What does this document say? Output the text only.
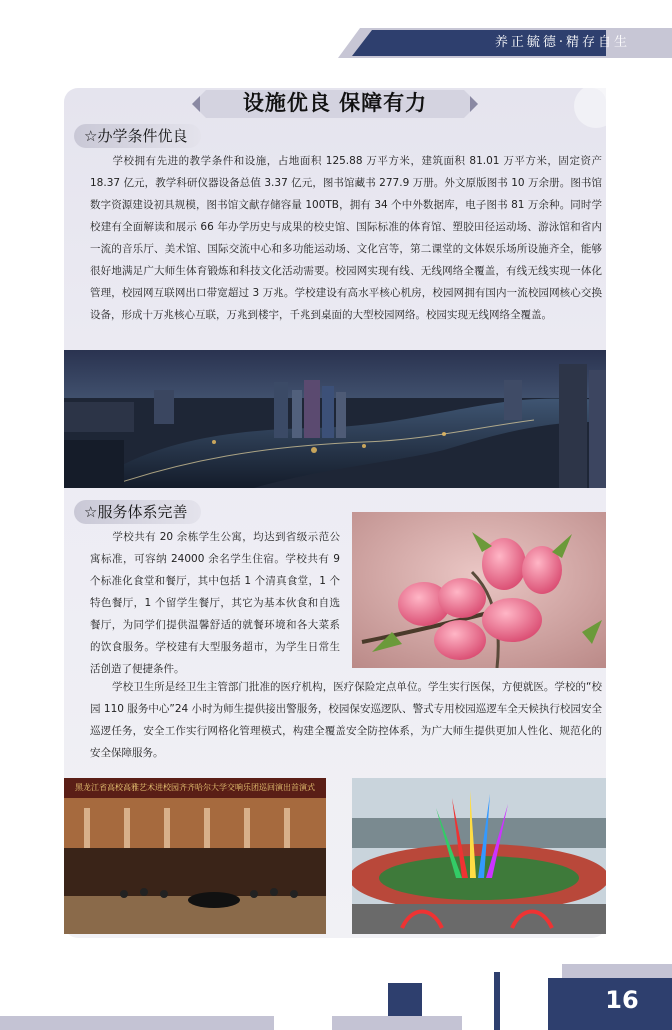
养正毓德·精存自生
设施优良 保障有力
☆办学条件优良

学校拥有先进的教学条件和设施，占地面积 125.88 万平方米，建筑面积 81.01 万平方米，固定资产 18.37 亿元，教学科研仪器设备总值 3.37 亿元，图书馆藏书 277.9 万册。外文原版图书 10 万余册。图书馆数字资源建设初具规模，图书馆文献存储容量 100TB，拥有 34 个中外数据库，电子图书 81 万余种。同时学校建有全面解读和展示 66 年办学历史与成果的校史馆、国际标准的体育馆、塑胶田径运动场、游泳馆和省内一流的音乐厅、美术馆、国际交流中心和多功能运动场、文化宫等，第二课堂的文体娱乐场所设施齐全，能够很好地满足广大师生体育锻炼和科技文化活动需要。校园网实现有线、无线网络全覆盖，有线无线实现一体化管理，校园网互联网出口带宽超过 3 万兆。学校建设有高水平核心机房，校园网拥有国内一流校园网核心交换设备，形成十万兆核心互联，万兆到楼宇，千兆到桌面的大型校园网络。校园实现无线网络全覆盖。

☆服务体系完善

学校共有 20 余栋学生公寓，均达到省级示范公寓标准，可容纳 24000 余名学生住宿。学校共有 9 个标准化食堂和餐厅，其中包括 1 个清真食堂，1 个特色餐厅，1 个留学生餐厅，其它为基本伙食和自选餐厅，为同学们提供温馨舒适的就餐环境和各大菜系的饮食服务。学校建有大型服务超市，为学生日常生活创造了便捷条件。

学校卫生所是经卫生主管部门批准的医疗机构，医疗保险定点单位。学生实行医保，方便就医。学校的“校园 110 服务中心”24 小时为师生提供接出警服务，校园保安巡逻队、警式专用校园巡逻车全天候执行校园安全巡逻任务，安全工作实行网格化管理模式，构建全覆盖安全防控体系，为广大师生提供更加人性化、规范化的安全保障服务。

黑龙江省高校高雅艺术进校园齐齐哈尔大学交响乐团巡回演出首演式
16
